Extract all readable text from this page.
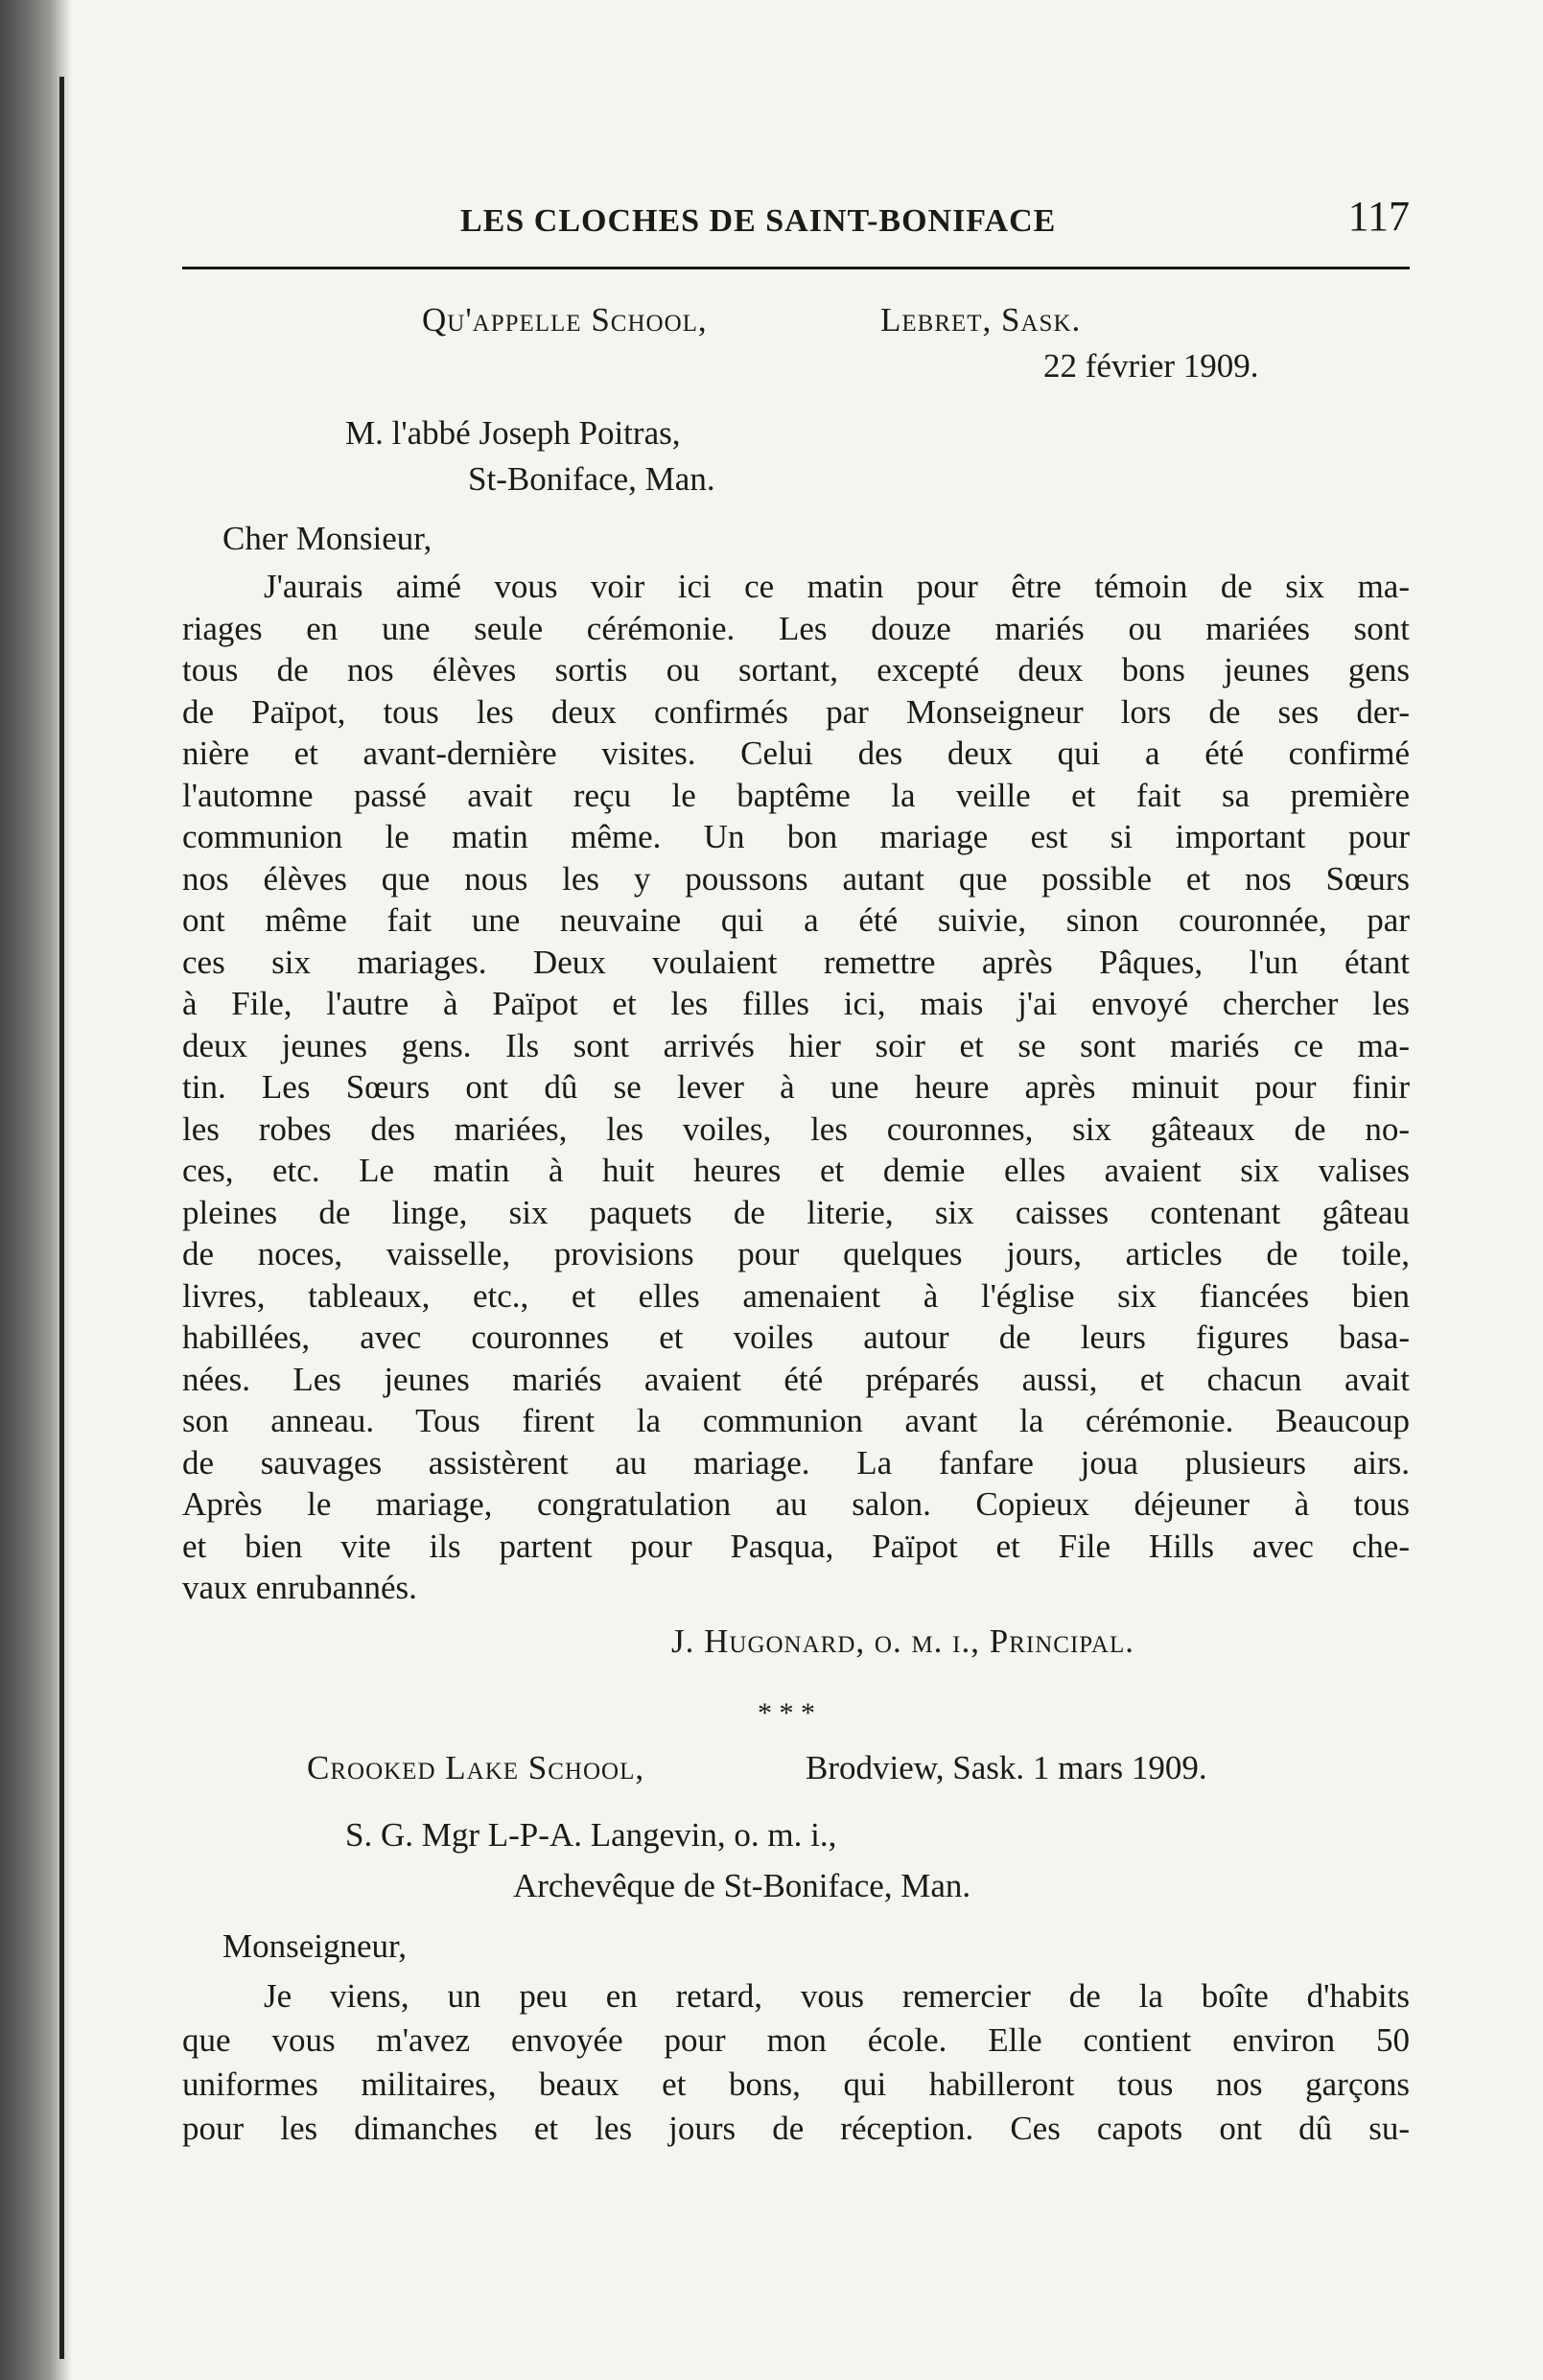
LES CLOCHES DE SAINT-BONIFACE	117
Qu'appelle School,	Lebret, Sask.
22 février 1909.
M. l'abbé Joseph Poitras,
St-Boniface, Man.
Cher Monsieur,
J'aurais aimé vous voir ici ce matin pour être témoin de six ma-
riages en une seule cérémonie. Les douze mariés ou mariées sont
tous de nos élèves sortis ou sortant, excepté deux bons jeunes gens
de Païpot, tous les deux confirmés par Monseigneur lors de ses der-
nière et avant-dernière visites. Celui des deux qui a été confirmé
l'automne passé avait reçu le baptême la veille et fait sa première
communion le matin même. Un bon mariage est si important pour
nos élèves que nous les y poussons autant que possible et nos Sœurs
ont même fait une neuvaine qui a été suivie, sinon couronnée, par
ces six mariages. Deux voulaient remettre après Pâques, l'un étant
à File, l'autre à Païpot et les filles ici, mais j'ai envoyé chercher les
deux jeunes gens. Ils sont arrivés hier soir et se sont mariés ce ma-
tin. Les Sœurs ont dû se lever à une heure après minuit pour finir
les robes des mariées, les voiles, les couronnes, six gâteaux de no-
ces, etc. Le matin à huit heures et demie elles avaient six valises
pleines de linge, six paquets de literie, six caisses contenant gâteau
de noces, vaisselle, provisions pour quelques jours, articles de toile,
livres, tableaux, etc., et elles amenaient à l'église six fiancées bien
habillées, avec couronnes et voiles autour de leurs figures basa-
nées. Les jeunes mariés avaient été préparés aussi, et chacun avait
son anneau. Tous firent la communion avant la cérémonie. Beaucoup
de sauvages assistèrent au mariage. La fanfare joua plusieurs airs.
Après le mariage, congratulation au salon. Copieux déjeuner à tous
et bien vite ils partent pour Pasqua, Païpot et File Hills avec che-
vaux enrubannés.
J. Hugonard, o. m. i., Principal.
* * *
Crooked Lake School,	Brodview, Sask. 1 mars 1909.
S. G. Mgr L-P-A. Langevin, o. m. i.,
Archevêque de St-Boniface, Man.
Monseigneur,
Je viens, un peu en retard, vous remercier de la boîte d'habits
que vous m'avez envoyée pour mon école. Elle contient environ 50
uniformes militaires, beaux et bons, qui habilleront tous nos garçons
pour les dimanches et les jours de réception. Ces capots ont dû su-
